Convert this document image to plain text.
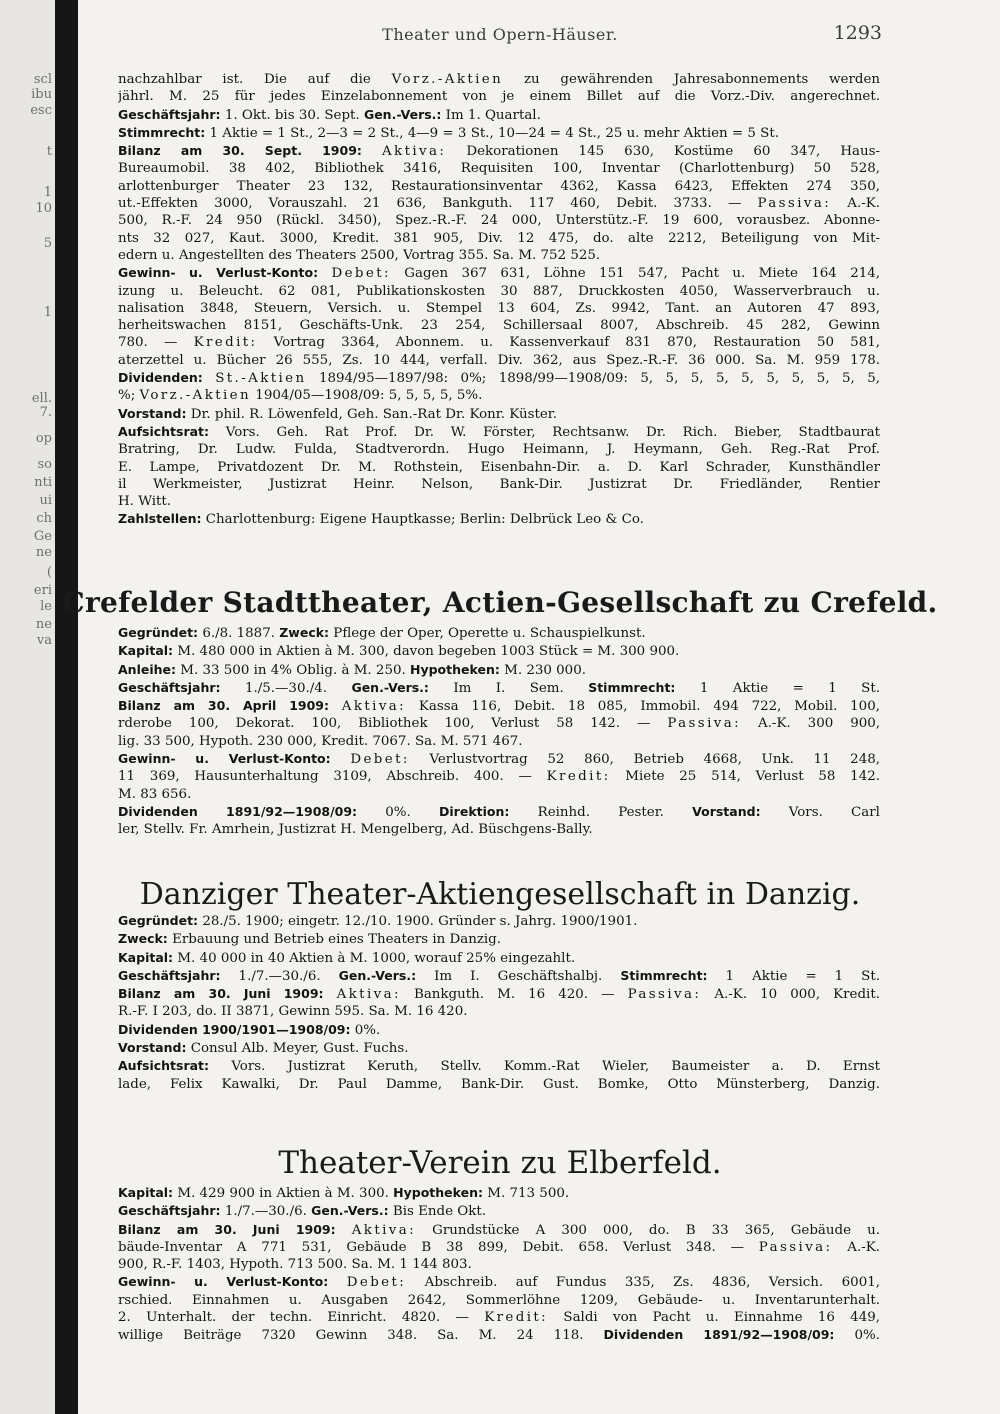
scl
ibu
esc
t
1
10
5
1
ell.
7.
op
so
nti
ui
ch
Ge
ne
(
eri
le
ne
va
Theater und Opern-Häuser.	1293
nachzahlbar ist. Die auf die Vorz.-Aktien zu gewährenden Jahresabonnements werden
jährl. M. 25 für jedes Einzelabonnement von je einem Billet auf die Vorz.-Div. angerechnet.
Geschäftsjahr: 1. Okt. bis 30. Sept. Gen.-Vers.: Im 1. Quartal.
Stimmrecht: 1 Aktie = 1 St., 2—3 = 2 St., 4—9 = 3 St., 10—24 = 4 St., 25 u. mehr Aktien = 5 St.
Bilanz am 30. Sept. 1909: Aktiva: Dekorationen 145 630, Kostüme 60 347, Haus-
Bureaumobil. 38 402, Bibliothek 3416, Requisiten 100, Inventar (Charlottenburg) 50 528,
arlottenburger Theater 23 132, Restaurationsinventar 4362, Kassa 6423, Effekten 274 350,
ut.-Effekten 3000, Vorauszahl. 21 636, Bankguth. 117 460, Debit. 3733. — Passiva: A.-K.
500, R.-F. 24 950 (Rückl. 3450), Spez.-R.-F. 24 000, Unterstütz.-F. 19 600, vorausbez. Abonne-
nts 32 027, Kaut. 3000, Kredit. 381 905, Div. 12 475, do. alte 2212, Beteiligung von Mit-
edern u. Angestellten des Theaters 2500, Vortrag 355. Sa. M. 752 525.
Gewinn- u. Verlust-Konto: Debet: Gagen 367 631, Löhne 151 547, Pacht u. Miete 164 214,
izung u. Beleucht. 62 081, Publikationskosten 30 887, Druckkosten 4050, Wasserverbrauch u.
nalisation 3848, Steuern, Versich. u. Stempel 13 604, Zs. 9942, Tant. an Autoren 47 893,
herheitswachen 8151, Geschäfts-Unk. 23 254, Schillersaal 8007, Abschreib. 45 282, Gewinn
780. — Kredit: Vortrag 3364, Abonnem. u. Kassenverkauf 831 870, Restauration 50 581,
aterzettel u. Bücher 26 555, Zs. 10 444, verfall. Div. 362, aus Spez.-R.-F. 36 000. Sa. M. 959 178.
Dividenden: St.-Aktien 1894/95—1897/98: 0%; 1898/99—1908/09: 5, 5, 5, 5, 5, 5, 5, 5, 5, 5,
%; Vorz.-Aktien 1904/05—1908/09: 5, 5, 5, 5, 5%.
Vorstand: Dr. phil. R. Löwenfeld, Geh. San.-Rat Dr. Konr. Küster.
Aufsichtsrat: Vors. Geh. Rat Prof. Dr. W. Förster, Rechtsanw. Dr. Rich. Bieber, Stadtbaurat
Bratring, Dr. Ludw. Fulda, Stadtverordn. Hugo Heimann, J. Heymann, Geh. Reg.-Rat Prof.
E. Lampe, Privatdozent Dr. M. Rothstein, Eisenbahn-Dir. a. D. Karl Schrader, Kunsthändler
il Werkmeister, Justizrat Heinr. Nelson, Bank-Dir. Justizrat Dr. Friedländer, Rentier
H. Witt.
Zahlstellen: Charlottenburg: Eigene Hauptkasse; Berlin: Delbrück Leo & Co.
Crefelder Stadttheater, Actien-Gesellschaft zu Crefeld.
Gegründet: 6./8. 1887. Zweck: Pflege der Oper, Operette u. Schauspielkunst.
Kapital: M. 480 000 in Aktien à M. 300, davon begeben 1003 Stück = M. 300 900.
Anleihe: M. 33 500 in 4% Oblig. à M. 250. Hypotheken: M. 230 000.
Geschäftsjahr: 1./5.—30./4. Gen.-Vers.: Im I. Sem. Stimmrecht: 1 Aktie = 1 St.
Bilanz am 30. April 1909: Aktiva: Kassa 116, Debit. 18 085, Immobil. 494 722, Mobil. 100,
rderobe 100, Dekorat. 100, Bibliothek 100, Verlust 58 142. — Passiva: A.-K. 300 900,
lig. 33 500, Hypoth. 230 000, Kredit. 7067. Sa. M. 571 467.
Gewinn- u. Verlust-Konto: Debet: Verlustvortrag 52 860, Betrieb 4668, Unk. 11 248,
11 369, Hausunterhaltung 3109, Abschreib. 400. — Kredit: Miete 25 514, Verlust 58 142.
M. 83 656.
Dividenden 1891/92—1908/09: 0%. Direktion: Reinhd. Pester. Vorstand: Vors. Carl
ler, Stellv. Fr. Amrhein, Justizrat H. Mengelberg, Ad. Büschgens-Bally.
Danziger Theater-Aktiengesellschaft in Danzig.
Gegründet: 28./5. 1900; eingetr. 12./10. 1900. Gründer s. Jahrg. 1900/1901.
Zweck: Erbauung und Betrieb eines Theaters in Danzig.
Kapital: M. 40 000 in 40 Aktien à M. 1000, worauf 25% eingezahlt.
Geschäftsjahr: 1./7.—30./6. Gen.-Vers.: Im I. Geschäftshalbj. Stimmrecht: 1 Aktie = 1 St.
Bilanz am 30. Juni 1909: Aktiva: Bankguth. M. 16 420. — Passiva: A.-K. 10 000, Kredit.
R.-F. I 203, do. II 3871, Gewinn 595. Sa. M. 16 420.
Dividenden 1900/1901—1908/09: 0%.
Vorstand: Consul Alb. Meyer, Gust. Fuchs.
Aufsichtsrat: Vors. Justizrat Keruth, Stellv. Komm.-Rat Wieler, Baumeister a. D. Ernst
lade, Felix Kawalki, Dr. Paul Damme, Bank-Dir. Gust. Bomke, Otto Münsterberg, Danzig.
Theater-Verein zu Elberfeld.
Kapital: M. 429 900 in Aktien à M. 300. Hypotheken: M. 713 500.
Geschäftsjahr: 1./7.—30./6. Gen.-Vers.: Bis Ende Okt.
Bilanz am 30. Juni 1909: Aktiva: Grundstücke A 300 000, do. B 33 365, Gebäude u.
bäude-Inventar A 771 531, Gebäude B 38 899, Debit. 658. Verlust 348. — Passiva: A.-K.
900, R.-F. 1403, Hypoth. 713 500. Sa. M. 1 144 803.
Gewinn- u. Verlust-Konto: Debet: Abschreib. auf Fundus 335, Zs. 4836, Versich. 6001,
rschied. Einnahmen u. Ausgaben 2642, Sommerlöhne 1209, Gebäude- u. Inventarunterhalt.
2. Unterhalt. der techn. Einricht. 4820. — Kredit: Saldi von Pacht u. Einnahme 16 449,
willige Beiträge 7320 Gewinn 348. Sa. M. 24 118. Dividenden 1891/92—1908/09: 0%.
